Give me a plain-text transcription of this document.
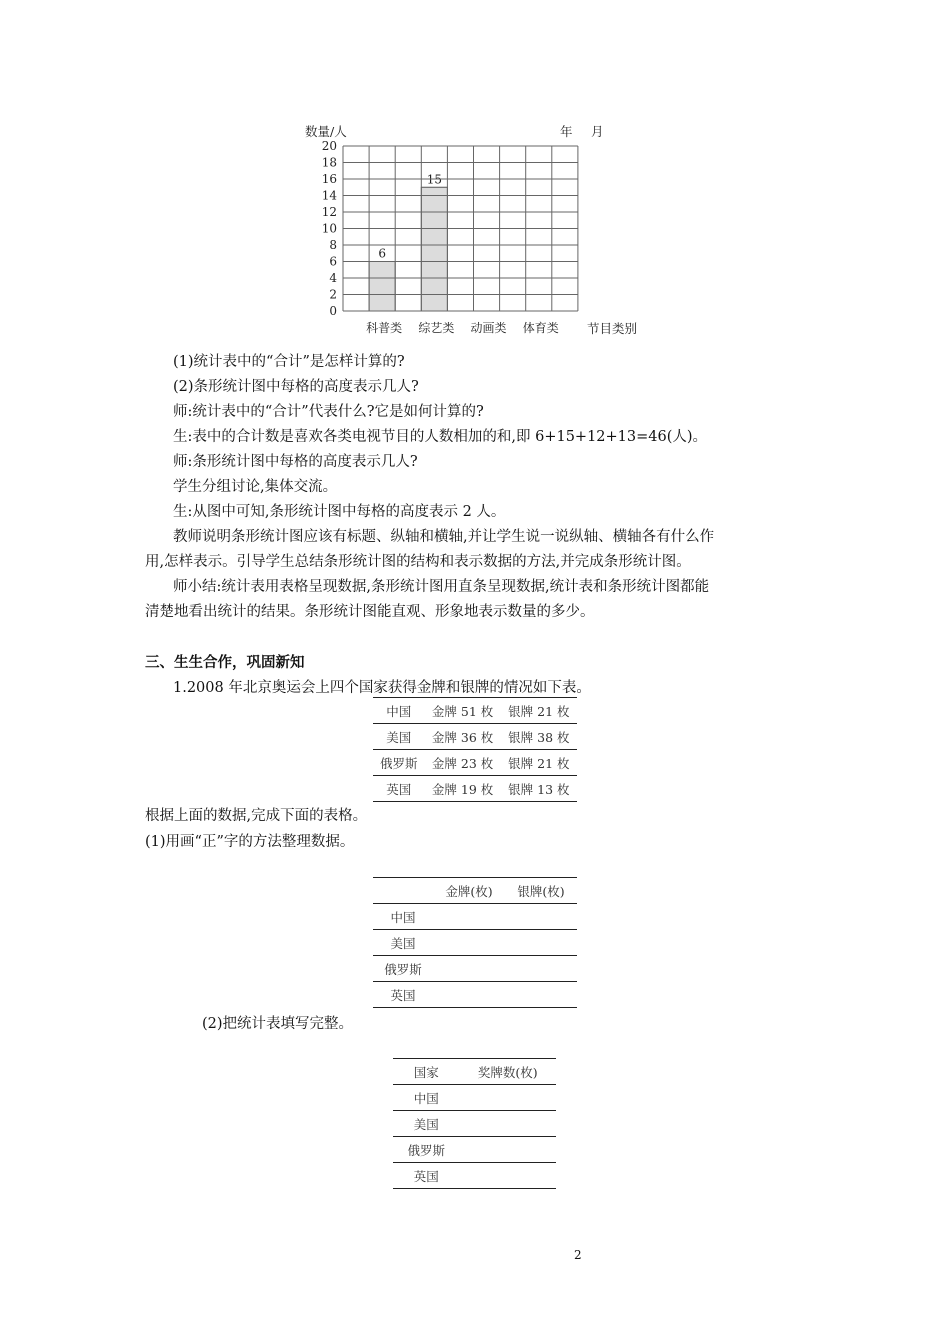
6
15
0
2
4
6
8
10
12
14
16
18
20
科普类 综艺类 动画类 体育类
数量/人
节目类别
年 月
(1)统计表中的“合计”是怎样计算的?
(2)条形统计图中每格的高度表示几人?
师:统计表中的“合计”代表什么?它是如何计算的?
生:表中的合计数是喜欢各类电视节目的人数相加的和,即 6+15+12+13=46(人)。
师:条形统计图中每格的高度表示几人?
学生分组讨论,集体交流。
生:从图中可知,条形统计图中每格的高度表示 2 人。
教师说明条形统计图应该有标题、纵轴和横轴,并让学生说一说纵轴、横轴各有什么作
用,怎样表示。引导学生总结条形统计图的结构和表示数据的方法,并完成条形统计图。
师小结:统计表用表格呈现数据,条形统计图用直条呈现数据,统计表和条形统计图都能
清楚地看出统计的结果。条形统计图能直观、形象地表示数量的多少。
三、生生合作，巩固新知
1.2008 年北京奥运会上四个国家获得金牌和银牌的情况如下表。
中国	金牌 51 枚	银牌 21 枚
美国	金牌 36 枚	银牌 38 枚
俄罗斯	金牌 23 枚	银牌 21 枚
英国	金牌 19 枚	银牌 13 枚
根据上面的数据,完成下面的表格。
(1)用画“正”字的方法整理数据。
	金牌(枚)	银牌(枚)
中国		
美国		
俄罗斯		
英国		
(2)把统计表填写完整。
国家	奖牌数(枚)
中国	
美国	
俄罗斯	
英国	
2
